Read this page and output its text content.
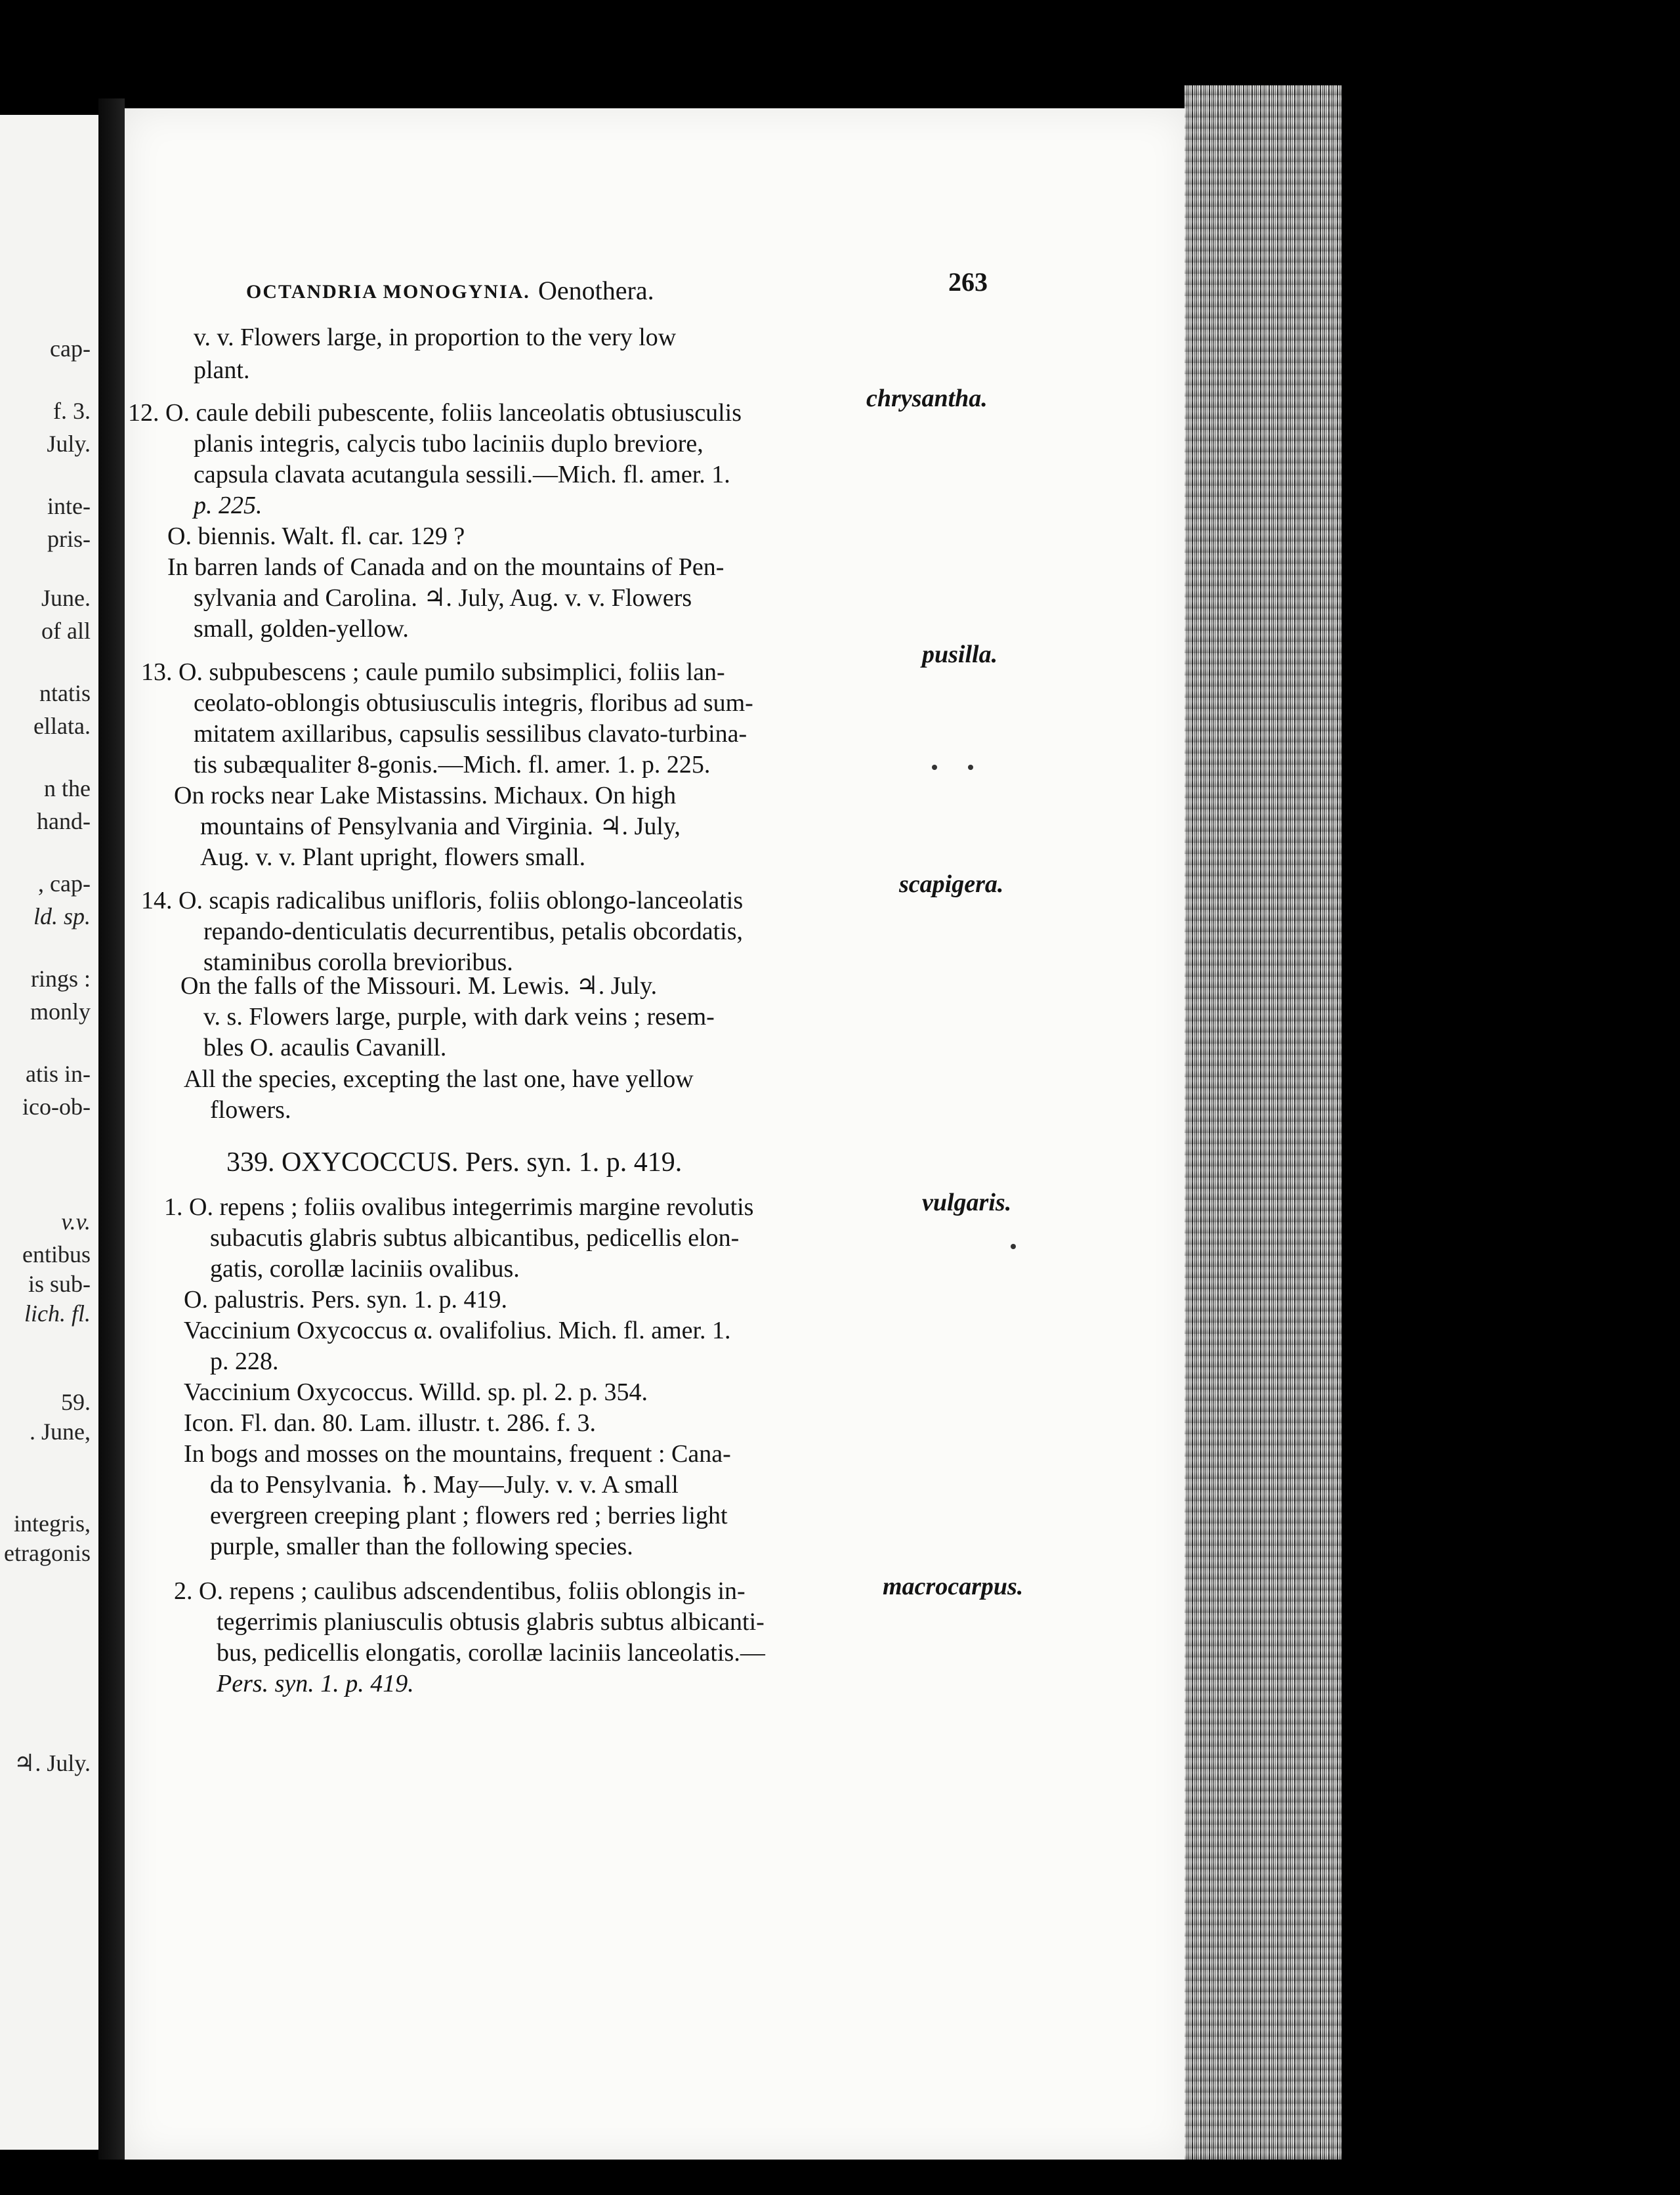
cap-
f. 3.
July.
inte-
pris-
June.
of all
ntatis
ellata.
n the
hand-
, cap-
ld. sp.
rings :
monly
atis in-
ico-ob-
v.v.
entibus
is sub-
lich. fl.
59.
. June,
integris,
etragonis
♃. July.
OCTANDRIA MONOGYNIA. Oenothera.	263
v. v. Flowers large, in proportion to the very low
plant.
12. O. caule debili pubescente, foliis lanceolatis obtusiusculis
planis integris, calycis tubo laciniis duplo breviore,
capsula clavata acutangula sessili.—Mich. fl. amer. 1.
p. 225.
O. biennis. Walt. fl. car. 129 ?
In barren lands of Canada and on the mountains of Pen-
sylvania and Carolina. ♃. July, Aug. v. v. Flowers
small, golden-yellow.
13. O. subpubescens ; caule pumilo subsimplici, foliis lan-
ceolato-oblongis obtusiusculis integris, floribus ad sum-
mitatem axillaribus, capsulis sessilibus clavato-turbina-
tis subæqualiter 8-gonis.—Mich. fl. amer. 1. p. 225.
On rocks near Lake Mistassins. Michaux. On high
mountains of Pensylvania and Virginia. ♃. July,
Aug. v. v. Plant upright, flowers small.
14. O. scapis radicalibus unifloris, foliis oblongo-lanceolatis
repando-denticulatis decurrentibus, petalis obcordatis,
staminibus corolla brevioribus.
On the falls of the Missouri. M. Lewis. ♃. July.
v. s. Flowers large, purple, with dark veins ; resem-
bles O. acaulis Cavanill.
All the species, excepting the last one, have yellow
flowers.
339. OXYCOCCUS. Pers. syn. 1. p. 419.
1. O. repens ; foliis ovalibus integerrimis margine revolutis
subacutis glabris subtus albicantibus, pedicellis elon-
gatis, corollæ laciniis ovalibus.
O. palustris. Pers. syn. 1. p. 419.
Vaccinium Oxycoccus α. ovalifolius. Mich. fl. amer. 1.
p. 228.
Vaccinium Oxycoccus. Willd. sp. pl. 2. p. 354.
Icon. Fl. dan. 80. Lam. illustr. t. 286. f. 3.
In bogs and mosses on the mountains, frequent : Cana-
da to Pensylvania. ♄. May—July. v. v. A small
evergreen creeping plant ; flowers red ; berries light
purple, smaller than the following species.
2. O. repens ; caulibus adscendentibus, foliis oblongis in-
tegerrimis planiusculis obtusis glabris subtus albicanti-
bus, pedicellis elongatis, corollæ laciniis lanceolatis.—
Pers. syn. 1. p. 419.
chrysantha.
pusilla.
scapigera.
vulgaris.
macrocarpus.
